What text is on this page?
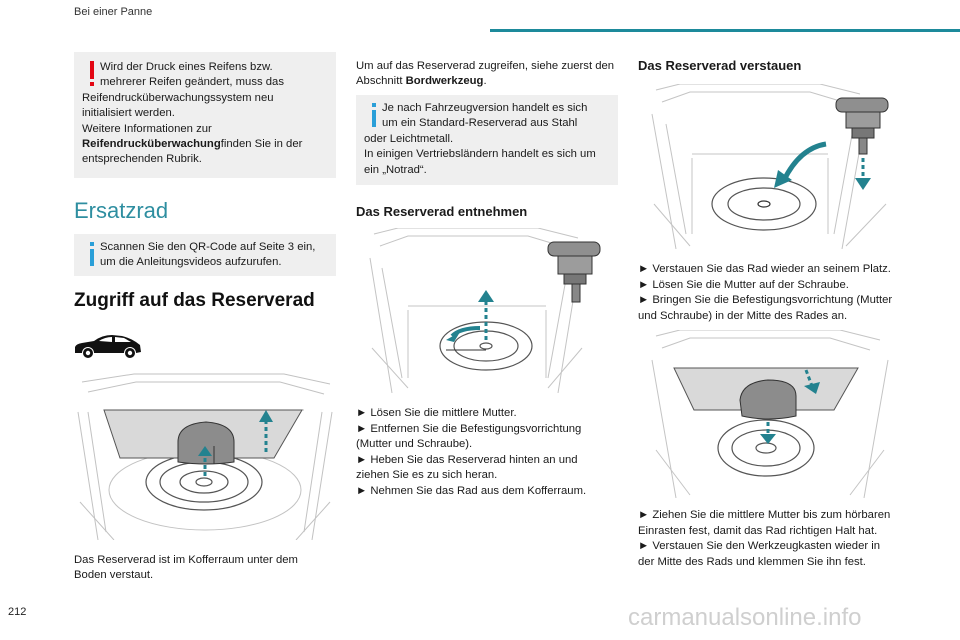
Bei einer Panne
Wird der Druck eines Reifens bzw.
mehrerer Reifen geändert, muss das
Reifendrucküberwachungssystem neu
initialisiert werden.
Weitere Informationen zur
Reifendrucküberwachungfinden Sie in der
entsprechenden Rubrik.
Ersatzrad
Scannen Sie den QR-Code auf Seite 3 ein,
um die Anleitungsvideos aufzurufen.
Zugriff auf das Reserverad
Das Reserverad ist im Kofferraum unter dem
Boden verstaut.
Um auf das Reserverad zugreifen, siehe zuerst den
Abschnitt Bordwerkzeug.
Je nach Fahrzeugversion handelt es sich
um ein Standard-Reserverad aus Stahl
oder Leichtmetall.
In einigen Vertriebsländern handelt es sich um
ein „Notrad“.
Das Reserverad entnehmen
► Lösen Sie die mittlere Mutter.
► Entfernen Sie die Befestigungsvorrichtung
(Mutter und Schraube).
► Heben Sie das Reserverad hinten an und
ziehen Sie es zu sich heran.
► Nehmen Sie das Rad aus dem Kofferraum.
Das Reserverad verstauen
► Verstauen Sie das Rad wieder an seinem Platz.
► Lösen Sie die Mutter auf der Schraube.
► Bringen Sie die Befestigungsvorrichtung (Mutter
und Schraube) in der Mitte des Rades an.
► Ziehen Sie die mittlere Mutter bis zum hörbaren
Einrasten fest, damit das Rad richtigen Halt hat.
► Verstauen Sie den Werkzeugkasten wieder in
der Mitte des Rads und klemmen Sie ihn fest.
212	carmanualsonline.info
